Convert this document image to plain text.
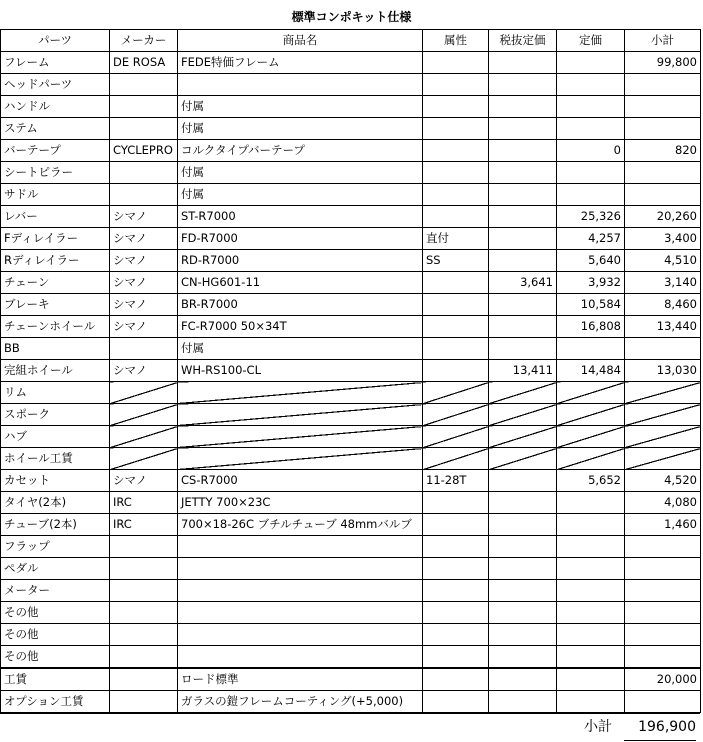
標準コンポキット仕様
パーツ	メーカー	商品名	属性	税抜定価	定価	小計
フレーム	DE ROSA	FEDE特価フレーム				99,800
ヘッドパーツ						
ハンドル		付属				
ステム		付属				
バーテープ	CYCLEPRO	コルクタイプバーテープ			0	820
シートピラー		付属				
サドル		付属				
レバー	シマノ	ST-R7000			25,326	20,260
Fディレイラー	シマノ	FD-R7000	直付		4,257	3,400
Rディレイラー	シマノ	RD-R7000	SS		5,640	4,510
チェーン	シマノ	CN-HG601-11		3,641	3,932	3,140
ブレーキ	シマノ	BR-R7000			10,584	8,460
チェーンホイール	シマノ	FC-R7000 50×34T			16,808	13,440
BB		付属				
完組ホイール	シマノ	WH-RS100-CL		13,411	14,484	13,030
リム						
スポーク						
ハブ						
ホイール工賃						
カセット	シマノ	CS-R7000	11-28T		5,652	4,520
タイヤ(2本)	IRC	JETTY 700×23C				4,080
チューブ(2本)	IRC	700×18-26C ブチルチューブ 48mmバルブ				1,460
フラップ						
ペダル						
メーター						
その他						
その他						
その他						
工賃		ロード標準				20,000
オプション工賃		ガラスの鎧フレームコーティング(+5,000)				
小計	196,900
